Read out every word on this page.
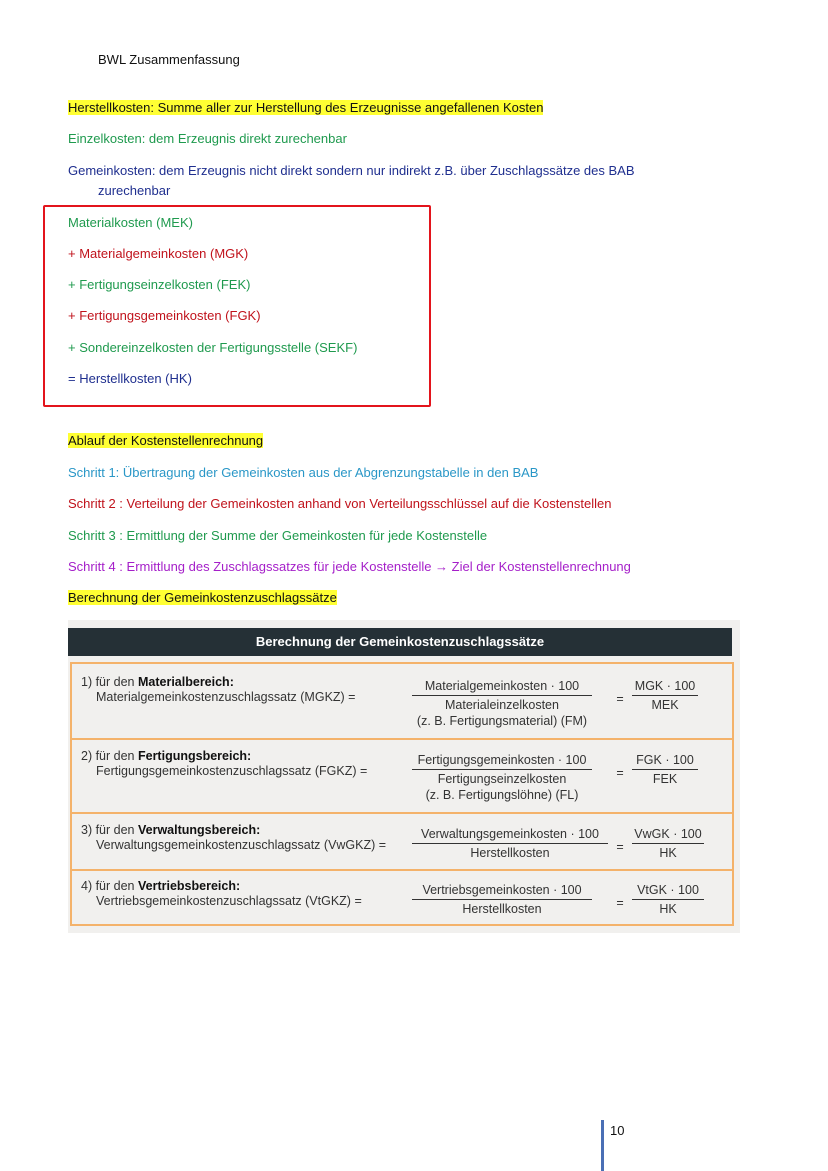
BWL Zusammenfassung
Herstellkosten: Summe aller zur Herstellung des Erzeugnisse angefallenen Kosten
Einzelkosten: dem Erzeugnis direkt zurechenbar
Gemeinkosten: dem Erzeugnis nicht direkt sondern nur indirekt z.B. über Zuschlagssätze des BAB
zurechenbar
Materialkosten (MEK)
+ Materialgemeinkosten (MGK)
+ Fertigungseinzelkosten (FEK)
+ Fertigungsgemeinkosten (FGK)
+ Sondereinzelkosten der Fertigungsstelle (SEKF)
= Herstellkosten (HK)
Ablauf der Kostenstellenrechnung
Schritt 1: Übertragung der Gemeinkosten aus der Abgrenzungstabelle in den BAB
Schritt 2 : Verteilung der Gemeinkosten anhand von Verteilungsschlüssel auf die Kostenstellen
Schritt 3 : Ermittlung der Summe der Gemeinkosten für jede Kostenstelle
Schritt 4 : Ermittlung des Zuschlagssatzes für jede Kostenstelle → Ziel der Kostenstellenrechnung
Berechnung der Gemeinkostenzuschlagssätze
Berechnung der Gemeinkostenzuschlagssätze
1) für den Materialbereich:
Materialgemeinkostenzuschlagssatz (MGKZ) =
Materialgemeinkosten · 100
Materialeinzelkosten
(z. B. Fertigungsmaterial) (FM)
=
MGK · 100
MEK
2) für den Fertigungsbereich:
Fertigungsgemeinkostenzuschlagssatz (FGKZ) =
Fertigungsgemeinkosten · 100
Fertigungseinzelkosten
(z. B. Fertigungslöhne) (FL)
=
FGK · 100
FEK
3) für den Verwaltungsbereich:
Verwaltungsgemeinkostenzuschlagssatz (VwGKZ) =
Verwaltungsgemeinkosten · 100
Herstellkosten	=
VwGK · 100
HK
4) für den Vertriebsbereich:
Vertriebsgemeinkostenzuschlagssatz (VtGKZ) =
Vertriebsgemeinkosten · 100
Herstellkosten	=
VtGK · 100
HK
10
